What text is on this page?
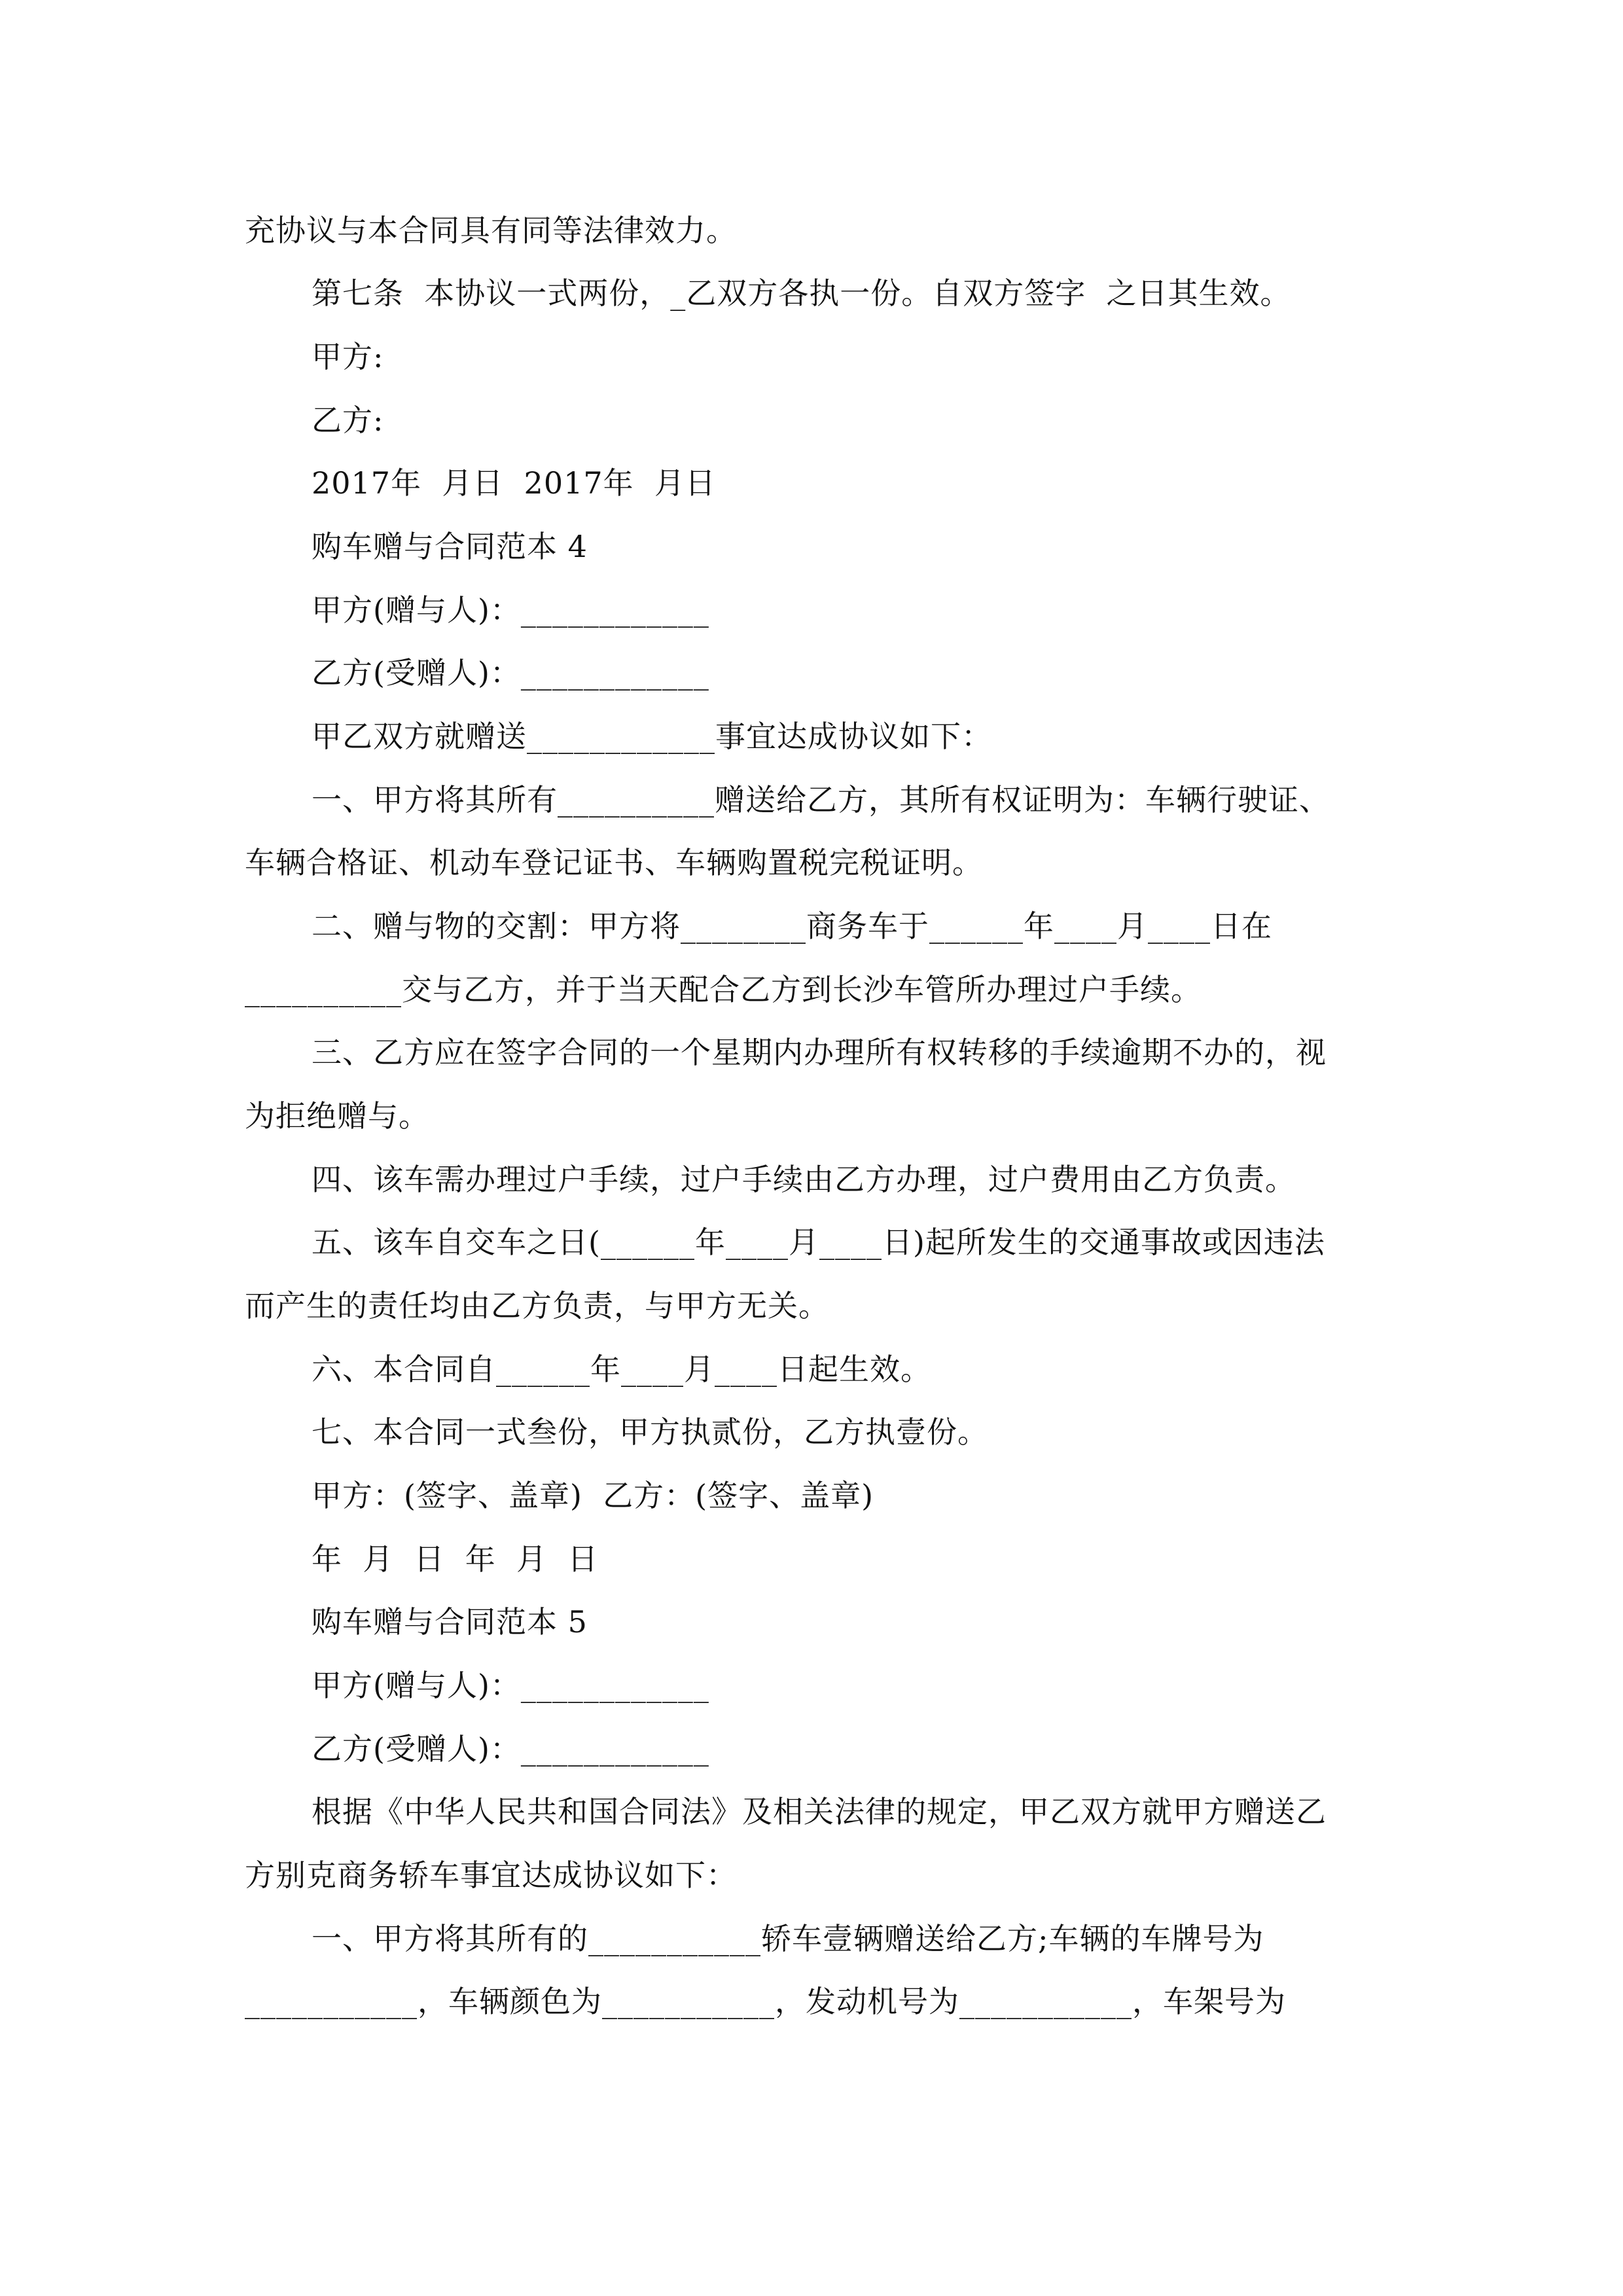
充协议与本合同具有同等法律效力。

第七条  本协议一式两份，_乙双方各执一份。自双方签字  之日其生效。

甲方:

乙方:

2017年  月日  2017年  月日

购车赠与合同范本 4

甲方(赠与人)：____________

乙方(受赠人)：____________

甲乙双方就赠送____________事宜达成协议如下：

一、甲方将其所有__________赠送给乙方，其所有权证明为：车辆行驶证、

车辆合格证、机动车登记证书、车辆购置税完税证明。

二、赠与物的交割：甲方将________商务车于______年____月____日在

__________交与乙方，并于当天配合乙方到长沙车管所办理过户手续。

三、乙方应在签字合同的一个星期内办理所有权转移的手续逾期不办的，视

为拒绝赠与。

四、该车需办理过户手续，过户手续由乙方办理，过户费用由乙方负责。

五、该车自交车之日(______年____月____日)起所发生的交通事故或因违法

而产生的责任均由乙方负责，与甲方无关。

六、本合同自______年____月____日起生效。

七、本合同一式叁份，甲方执贰份，乙方执壹份。

甲方：(签字、盖章)  乙方：(签字、盖章)

年  月  日  年  月  日

购车赠与合同范本 5

甲方(赠与人)：____________

乙方(受赠人)：____________

根据《中华人民共和国合同法》及相关法律的规定，甲乙双方就甲方赠送乙

方别克商务轿车事宜达成协议如下：

一、甲方将其所有的___________轿车壹辆赠送给乙方;车辆的车牌号为

___________，车辆颜色为___________，发动机号为___________，车架号为
